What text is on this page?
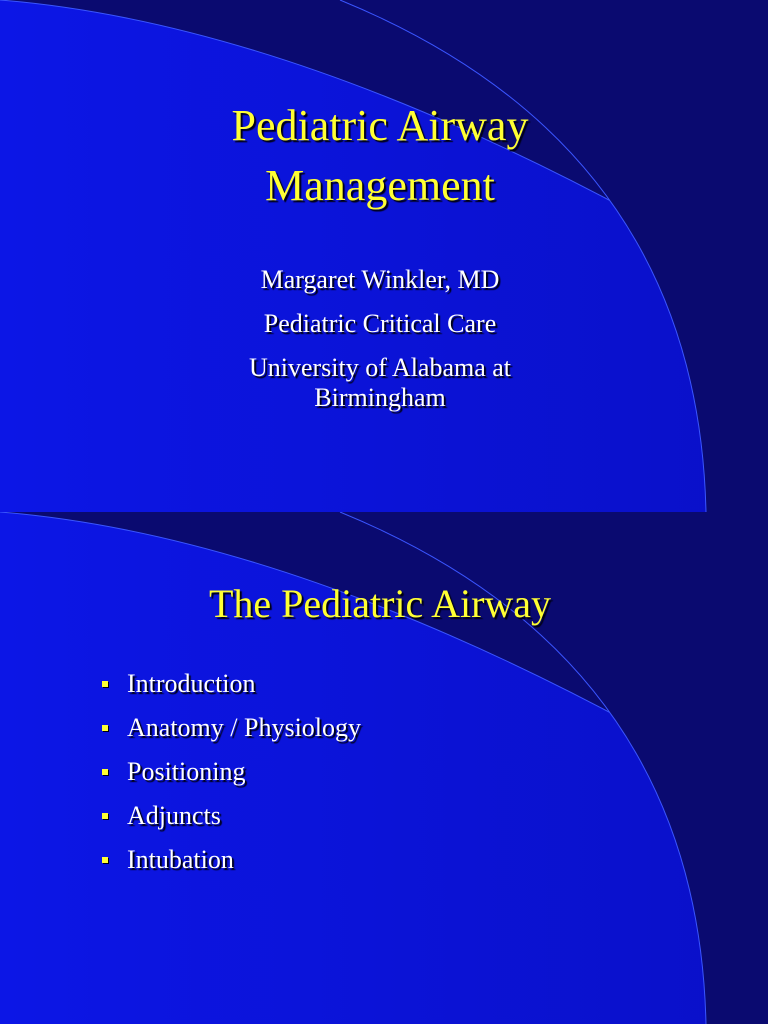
Pediatric Airway
Management
Margaret Winkler, MD
Pediatric Critical Care
University of Alabama at
Birmingham
The Pediatric Airway
Introduction
Anatomy / Physiology
Positioning
Adjuncts
Intubation
